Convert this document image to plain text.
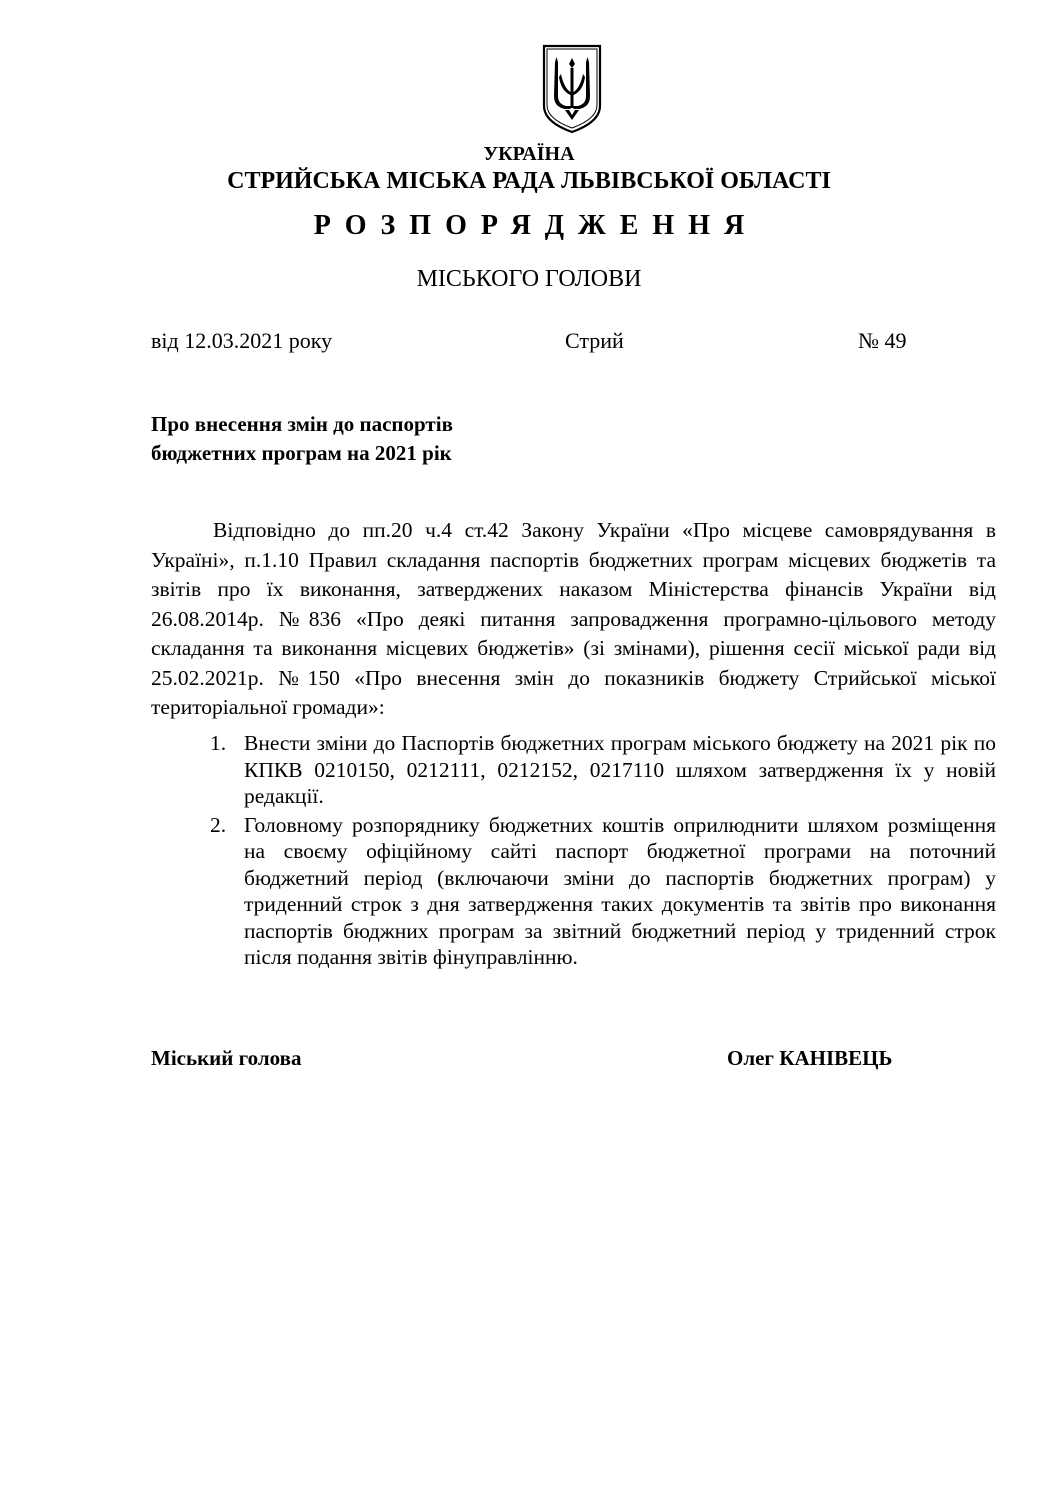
УКРАЇНА
СТРИЙСЬКА МІСЬКА РАДА ЛЬВІВСЬКОЇ ОБЛАСТІ
РОЗПОРЯДЖЕННЯ
МІСЬКОГО ГОЛОВИ
від 12.03.2021 року	Стрий	№ 49
Про внесення змін до паспортів
бюджетних програм на 2021 рік
Відповідно до пп.20 ч.4 ст.42 Закону України «Про місцеве самоврядування в Україні», п.1.10 Правил складання паспортів бюджетних програм місцевих бюджетів та звітів про їх виконання, затверджених наказом Міністерства фінансів України від 26.08.2014р. №836 «Про деякі питання запровадження програмно-цільового методу складання та виконання місцевих бюджетів» (зі змінами), рішення сесії міської ради від 25.02.2021р. №150 «Про внесення змін до показників бюджету Стрийської міської територіальної громади»:
1. Внести зміни до Паспортів бюджетних програм міського бюджету на 2021 рік по КПКВ 0210150, 0212111, 0212152, 0217110 шляхом затвердження їх у новій редакції.
2. Головному розпоряднику бюджетних коштів оприлюднити шляхом розміщення на своєму офіційному сайті паспорт бюджетної програми на поточний бюджетний період (включаючи зміни до паспортів бюджетних програм) у триденний строк з дня затвердження таких документів та звітів про виконання паспортів бюджних програм за звітний бюджетний період у триденний строк після подання звітів фінуправлінню.
Міський голова	Олег КАНІВЕЦЬ
